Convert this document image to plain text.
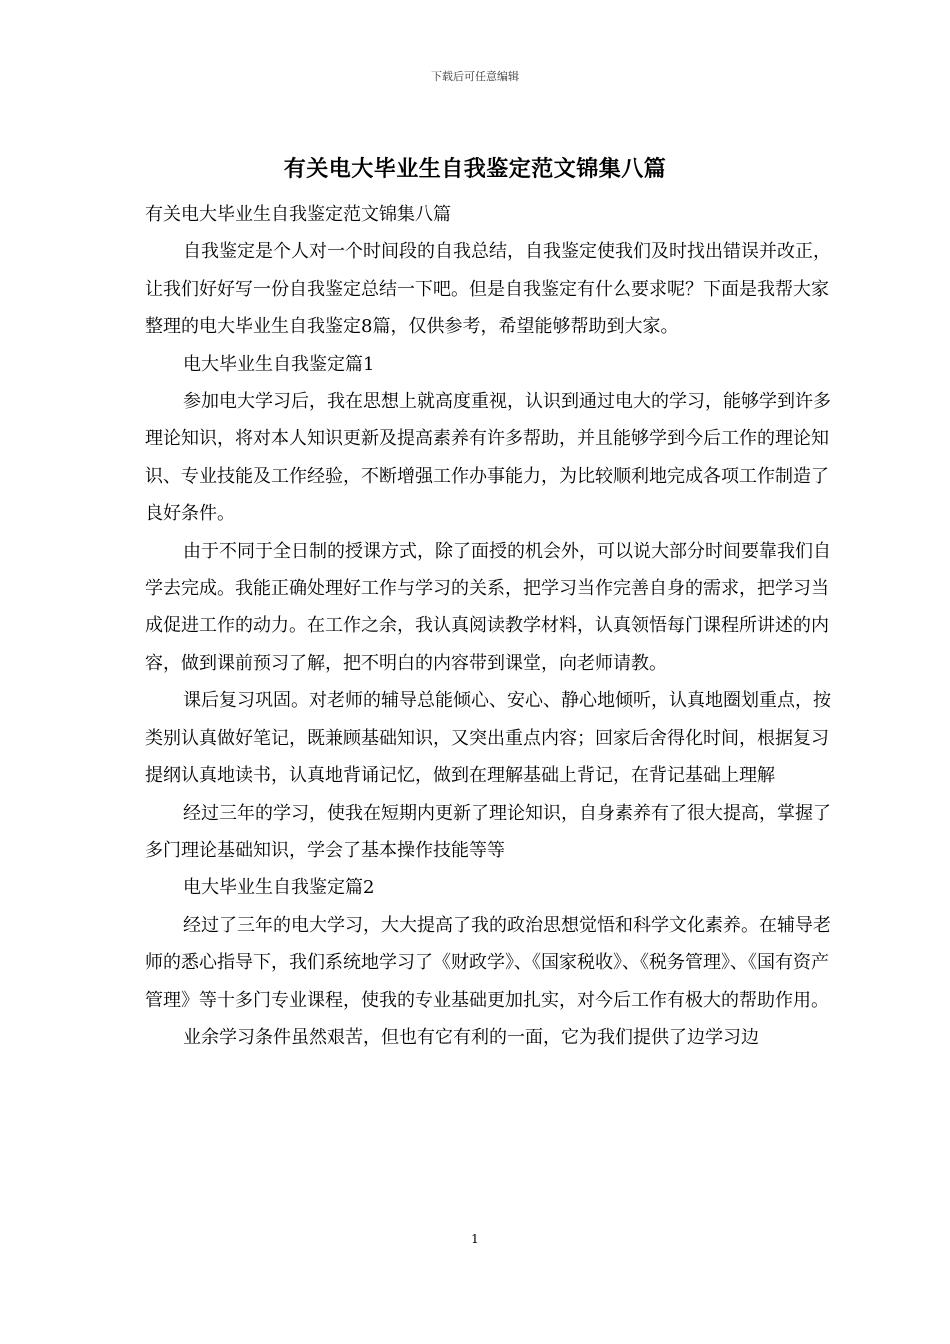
下载后可任意编辑
有关电大毕业生自我鉴定范文锦集八篇

有关电大毕业生自我鉴定范文锦集八篇

自我鉴定是个人对一个时间段的自我总结，自我鉴定使我们及时找出错误并改正，让我们好好写一份自我鉴定总结一下吧。但是自我鉴定有什么要求呢？下面是我帮大家整理的电大毕业生自我鉴定8篇，仅供参考，希望能够帮助到大家。

电大毕业生自我鉴定篇1

参加电大学习后，我在思想上就高度重视，认识到通过电大的学习，能够学到许多理论知识，将对本人知识更新及提高素养有许多帮助，并且能够学到今后工作的理论知识、专业技能及工作经验，不断增强工作办事能力，为比较顺利地完成各项工作制造了良好条件。

由于不同于全日制的授课方式，除了面授的机会外，可以说大部分时间要靠我们自学去完成。我能正确处理好工作与学习的关系，把学习当作完善自身的需求，把学习当成促进工作的动力。在工作之余，我认真阅读教学材料，认真领悟每门课程所讲述的内容，做到课前预习了解，把不明白的内容带到课堂，向老师请教。

课后复习巩固。对老师的辅导总能倾心、安心、静心地倾听，认真地圈划重点，按类别认真做好笔记，既兼顾基础知识，又突出重点内容；回家后舍得化时间，根据复习提纲认真地读书，认真地背诵记忆，做到在理解基础上背记，在背记基础上理解

经过三年的学习，使我在短期内更新了理论知识，自身素养有了很大提高，掌握了多门理论基础知识，学会了基本操作技能等等

电大毕业生自我鉴定篇2

经过了三年的电大学习，大大提高了我的政治思想觉悟和科学文化素养。在辅导老师的悉心指导下，我们系统地学习了《财政学》、《国家税收》、《税务管理》、《国有资产管理》等十多门专业课程，使我的专业基础更加扎实，对今后工作有极大的帮助作用。

业余学习条件虽然艰苦，但也有它有利的一面，它为我们提供了边学习边

1
